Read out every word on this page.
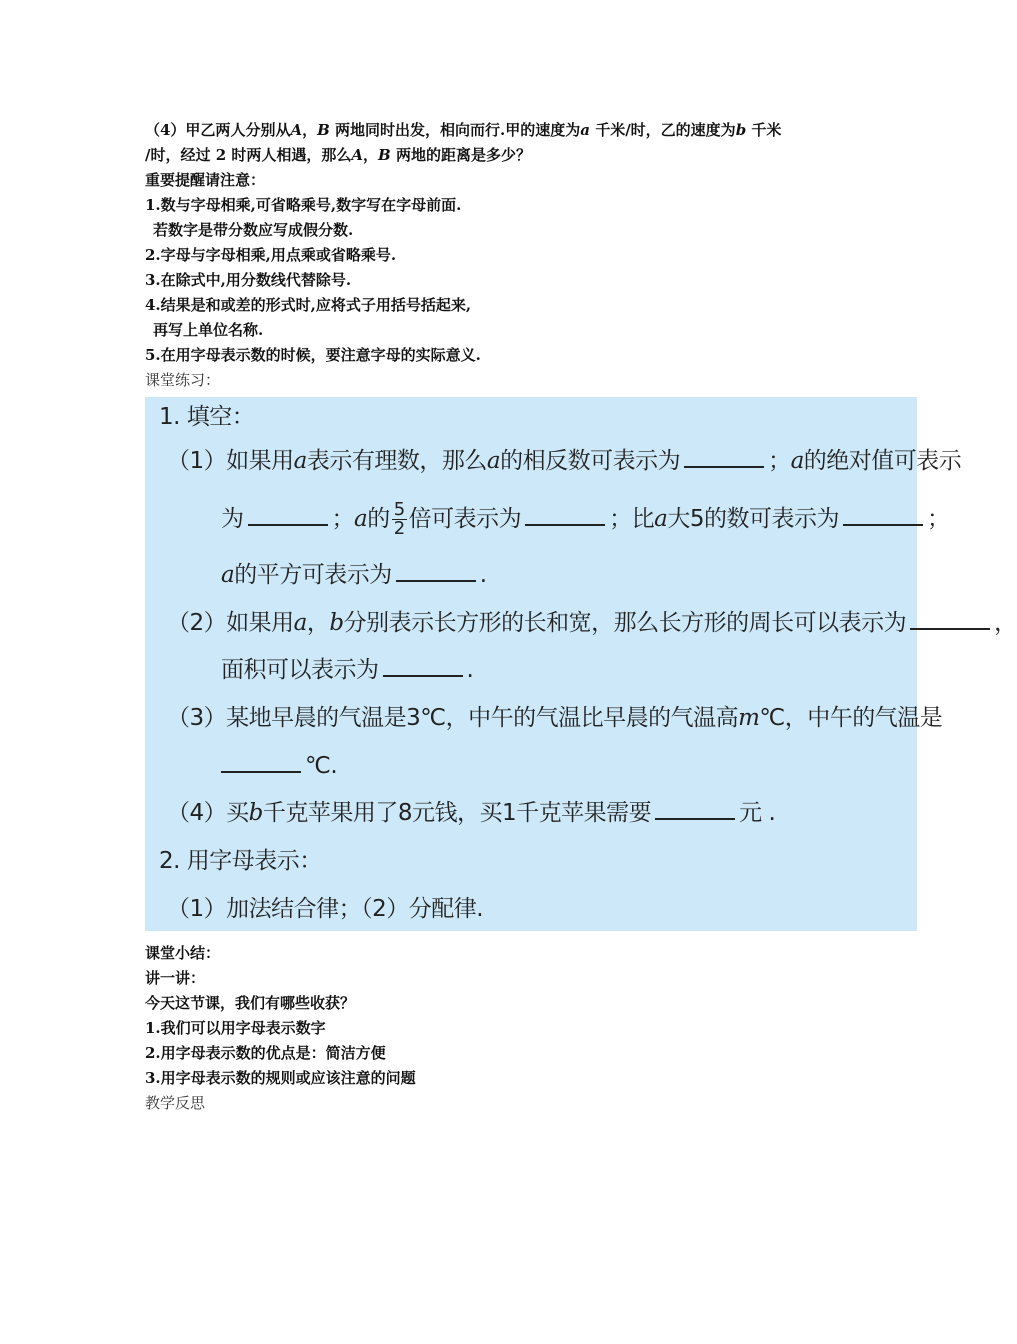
（4）甲乙两人分别从A，B 两地同时出发，相向而行.甲的速度为a 千米/时，乙的速度为b 千米
/时，经过 2 时两人相遇，那么A，B 两地的距离是多少？
重要提醒请注意：
1.数与字母相乘,可省略乘号,数字写在字母前面.
若数字是带分数应写成假分数.
2.字母与字母相乘,用点乘或省略乘号.
3.在除式中,用分数线代替除号.
4.结果是和或差的形式时,应将式子用括号括起来,
再写上单位名称.
5.在用字母表示数的时候，要注意字母的实际意义.
课堂练习：
1. 填空：
（1）如果用a表示有理数，那么a的相反数可表示为	；a的绝对值可表示
为	；a的 $\frac{5}{2}$ 倍可表示为	；比a大5的数可表示为	；
a的平方可表示为	.
（2）如果用a，b分别表示长方形的长和宽，那么长方形的周长可以表示为	，
面积可以表示为	.
（3）某地早晨的气温是3℃，中午的气温比早晨的气温高m℃，中午的气温是
℃.
（4）买b千克苹果用了8元钱，买1千克苹果需要	元 .
2. 用字母表示：
（1）加法结合律；（2）分配律.
课堂小结：
讲一讲：
今天这节课，我们有哪些收获？
1.我们可以用字母表示数字
2.用字母表示数的优点是：简洁方便
3.用字母表示数的规则或应该注意的问题
教学反思
